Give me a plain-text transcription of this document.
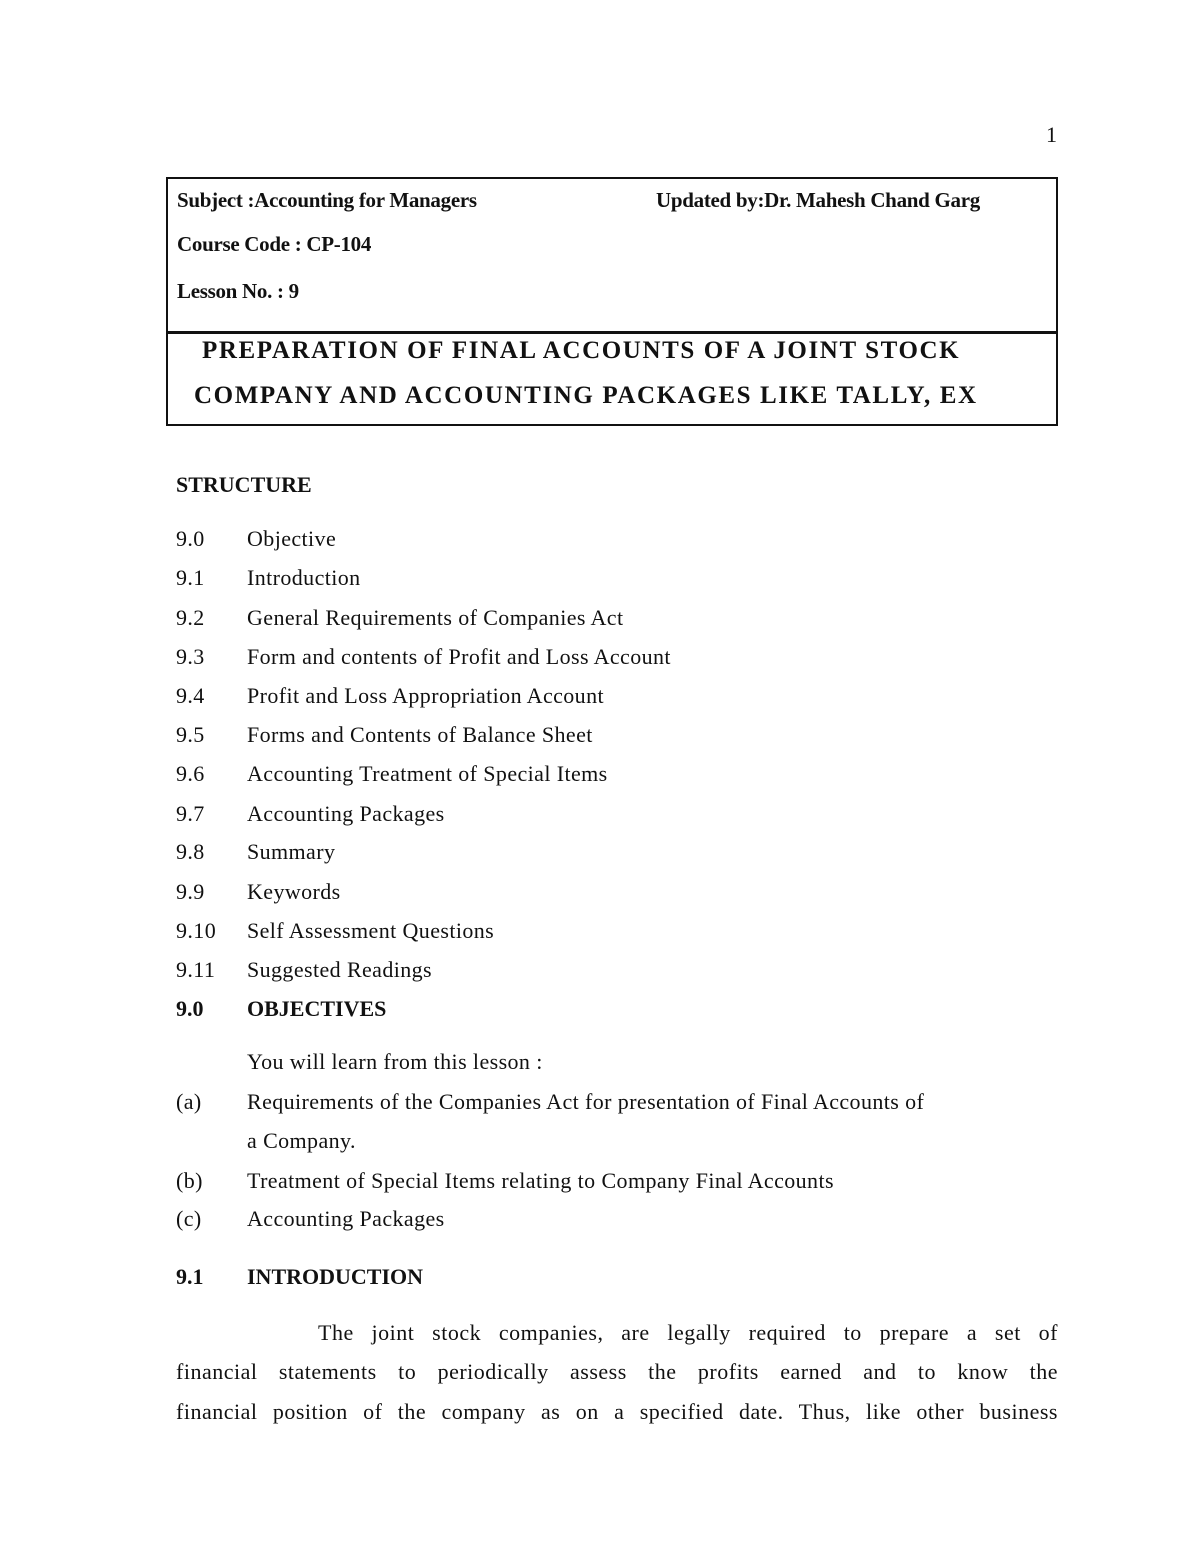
1
Subject :Accounting for Managers	Updated by:Dr. Mahesh Chand Garg
Course Code : CP-104
Lesson No. : 9
PREPARATION OF FINAL ACCOUNTS OF A JOINT STOCK
COMPANY AND ACCOUNTING PACKAGES LIKE TALLY, EX
STRUCTURE
9.0 Objective
9.1 Introduction
9.2 General Requirements of Companies Act
9.3 Form and contents of Profit and Loss Account
9.4 Profit and Loss Appropriation Account
9.5 Forms and Contents of Balance Sheet
9.6 Accounting Treatment of Special Items
9.7 Accounting Packages
9.8 Summary
9.9 Keywords
9.10 Self Assessment Questions
9.11 Suggested Readings
9.0 OBJECTIVES
You will learn from this lesson :
(a) Requirements of the Companies Act for presentation of Final Accounts of
a Company.
(b) Treatment of Special Items relating to Company Final Accounts
(c) Accounting Packages
9.1 INTRODUCTION
The joint stock companies, are legally required to prepare a set of
financial statements to periodically assess the profits earned and to know the
financial position of the company as on a specified date. Thus, like other business
